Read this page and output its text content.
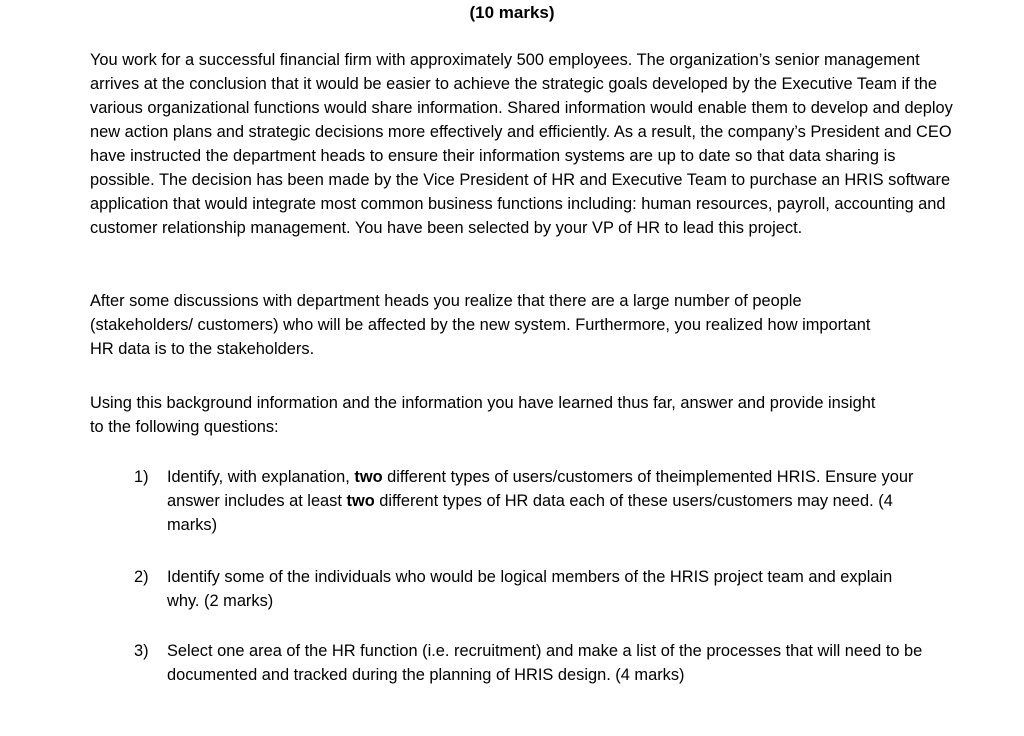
(10 marks)

You work for a successful financial firm with approximately 500 employees. The organization’s senior management arrives at the conclusion that it would be easier to achieve the strategic goals developed by the Executive Team if the various organizational functions would share information. Shared information would enable them to develop and deploy new action plans and strategic decisions more effectively and efficiently. As a result, the company’s President and CEO have instructed the department heads to ensure their information systems are up to date so that data sharing is possible. The decision has been made by the Vice President of HR and Executive Team to purchase an HRIS software application that would integrate most common business functions including: human resources, payroll, accounting and customer relationship management. You have been selected by your VP of HR to lead this project.

After some discussions with department heads you realize that there are a large number of people (stakeholders/ customers) who will be affected by the new system. Furthermore, you realized how important HR data is to the stakeholders.

Using this background information and the information you have learned thus far, answer and provide insight to the following questions:

1)	Identify, with explanation, two different types of users/customers of theimplemented HRIS. Ensure your answer includes at least two different types of HR data each of these users/customers may need. (4 marks)
2)	Identify some of the individuals who would be logical members of the HRIS project team and explain why. (2 marks)
3)	Select one area of the HR function (i.e. recruitment) and make a list of the processes that will need to be documented and tracked during the planning of HRIS design. (4 marks)
